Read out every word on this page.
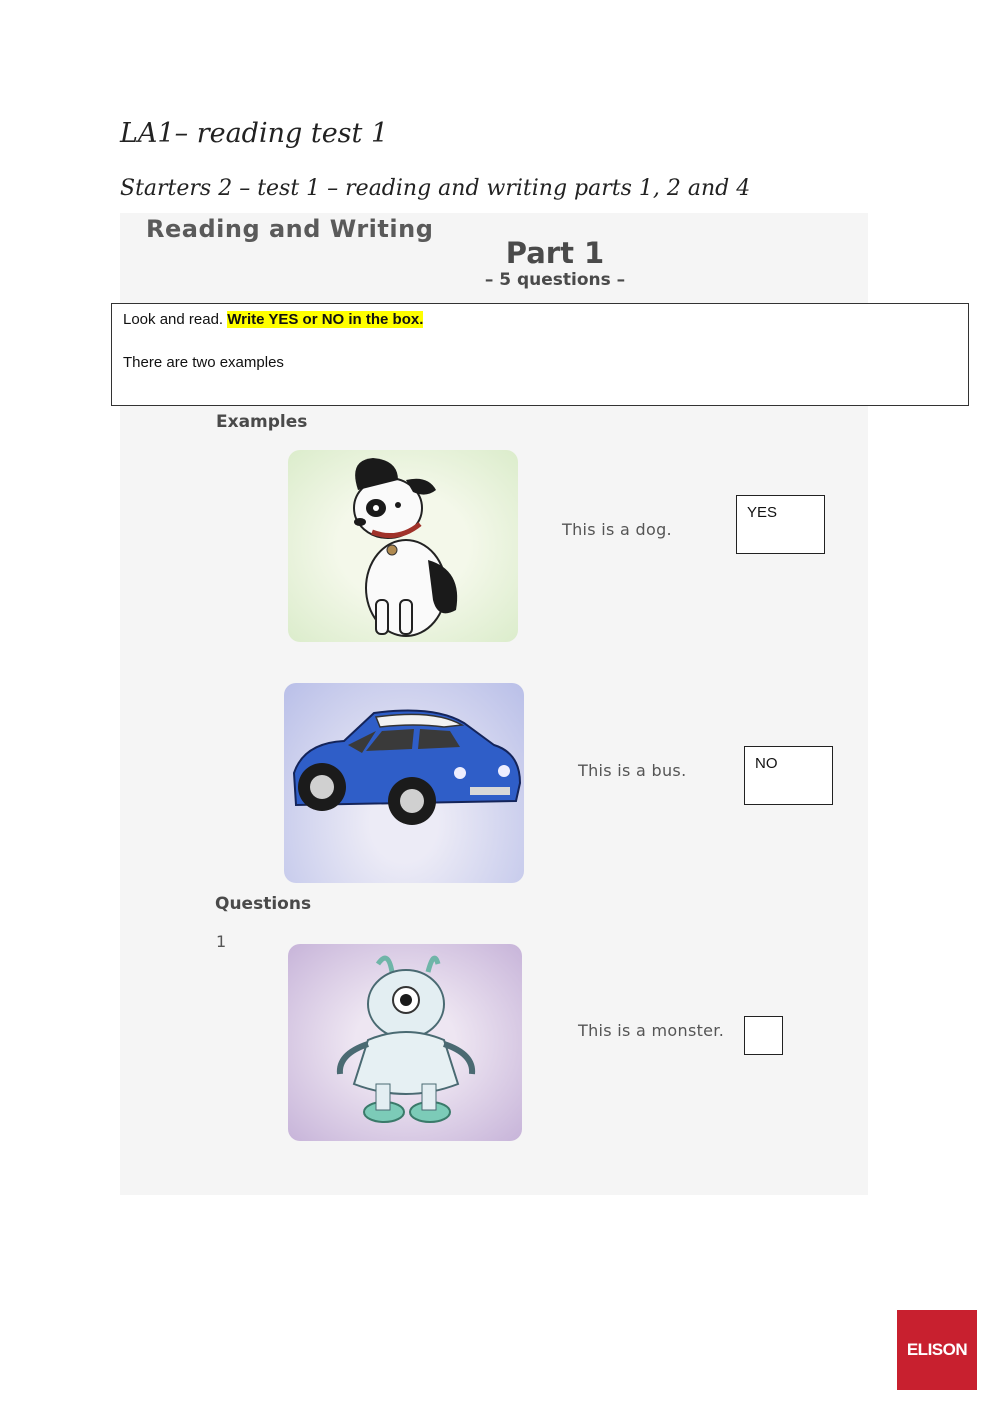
LA1– reading test 1
Starters 2 – test 1 – reading and writing parts 1, 2 and 4
Reading and Writing
Part 1
– 5 questions –
Look and read. Write YES or NO in the box.
There are two examples
Examples
This is a dog.
YES
This is a bus.	NO
Questions
1
This is a monster.
ELISON
